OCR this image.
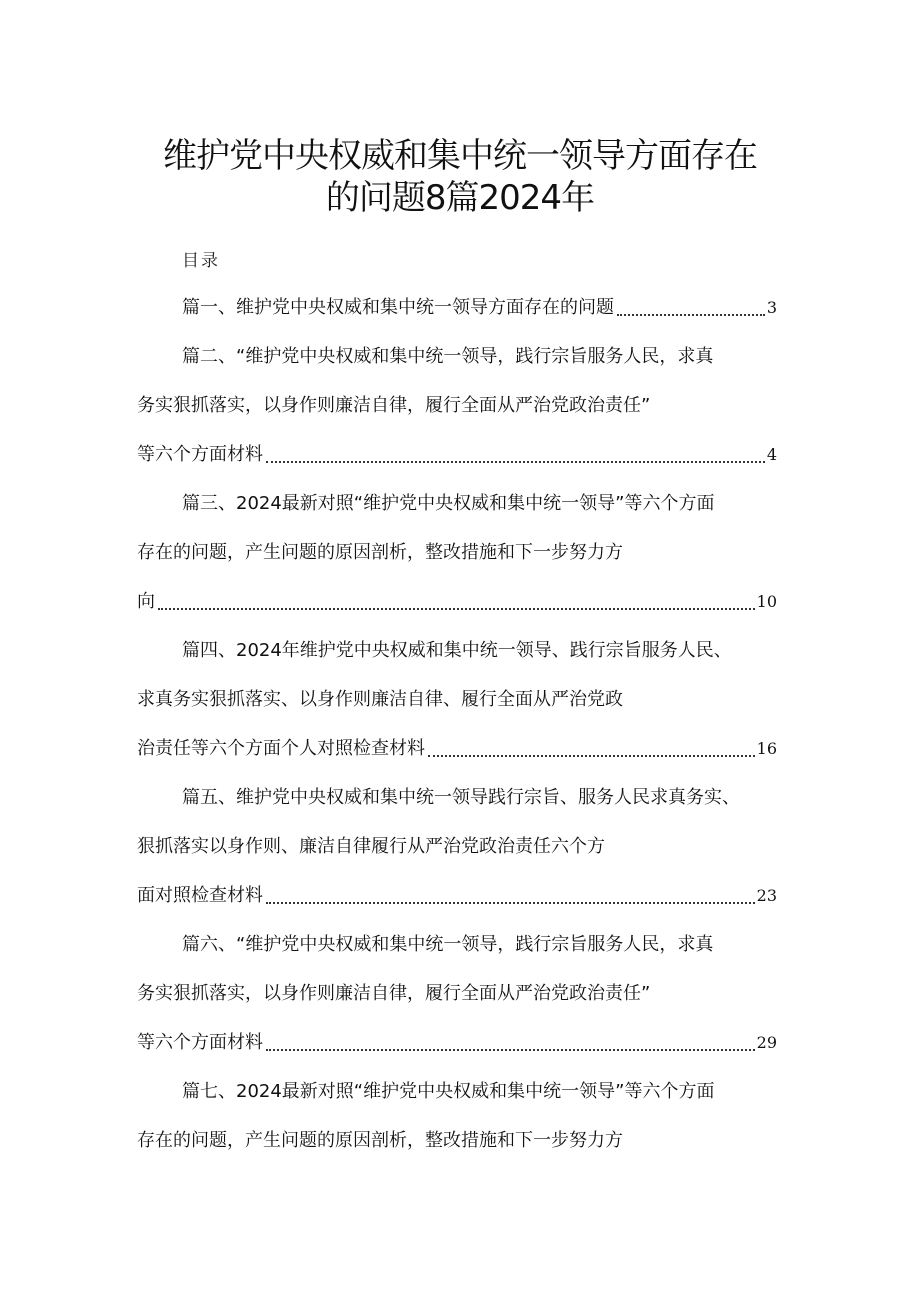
维护党中央权威和集中统一领导方面存在
的问题8篇2024年
目录
篇一、维护党中央权威和集中统一领导方面存在的问题	3
篇二、“维护党中央权威和集中统一领导，践行宗旨服务人民，求真
务实狠抓落实，以身作则廉洁自律，履行全面从严治党政治责任”
等六个方面材料	4
篇三、2024最新对照“维护党中央权威和集中统一领导”等六个方面
存在的问题，产生问题的原因剖析，整改措施和下一步努力方
向	10
篇四、2024年维护党中央权威和集中统一领导、践行宗旨服务人民、
求真务实狠抓落实、以身作则廉洁自律、履行全面从严治党政
治责任等六个方面个人对照检查材料	16
篇五、维护党中央权威和集中统一领导践行宗旨、服务人民求真务实、
狠抓落实以身作则、廉洁自律履行从严治党政治责任六个方
面对照检查材料	23
篇六、“维护党中央权威和集中统一领导，践行宗旨服务人民，求真
务实狠抓落实，以身作则廉洁自律，履行全面从严治党政治责任”
等六个方面材料	29
篇七、2024最新对照“维护党中央权威和集中统一领导”等六个方面
存在的问题，产生问题的原因剖析，整改措施和下一步努力方
